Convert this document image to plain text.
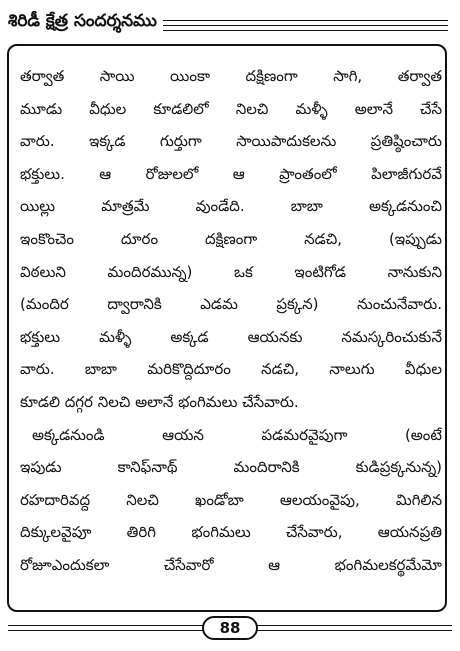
శిరిడీ క్షేత్ర సందర్శనము
తర్వాత సాయి యింకా దక్షిణంగా సాగి, తర్వాత
మూడు వీధుల కూడలిలో నిలచి మళ్ళీ అలానే చేసే
వారు. ఇక్కడ గుర్తుగా సాయిపాదుకలను ప్రతిష్ఠించారు
భక్తులు. ఆ రోజులలో ఆ ప్రాంతంలో పిలాజీగురవే
యిల్లు మాత్రమే వుండేది. బాబా అక్కడనుంచి
ఇంకొంచెం దూరం దక్షిణంగా నడచి, (ఇప్పుడు
విఠలుని మందిరమున్న) ఒక ఇంటిగోడ నానుకుని
(మందిర ద్వారానికి ఎడమ ప్రక్కన) నుంచునేవారు.
భక్తులు మళ్ళీ అక్కడ ఆయనకు నమస్కరించుకునే
వారు. బాబా మరికొద్దిదూరం నడచి, నాలుగు వీధుల
కూడలి దగ్గర నిలచి అలానే భంగిమలు చేసేవారు.
అక్కడనుండి ఆయన పడమరవైపుగా (అంటే
ఇపుడు కానిఫ్‌నాథ్ మందిరానికి కుడిప్రక్కనున్న)
రహదారివద్ద నిలచి ఖండోబా ఆలయంవైపు, మిగిలిన
దిక్కులవైపూ తిరిగి భంగిమలు చేసేవారు, ఆయనప్రతి
రోజూఎందుకలా చేసేవారో ఆ భంగిమలకర్థమేమో
88
